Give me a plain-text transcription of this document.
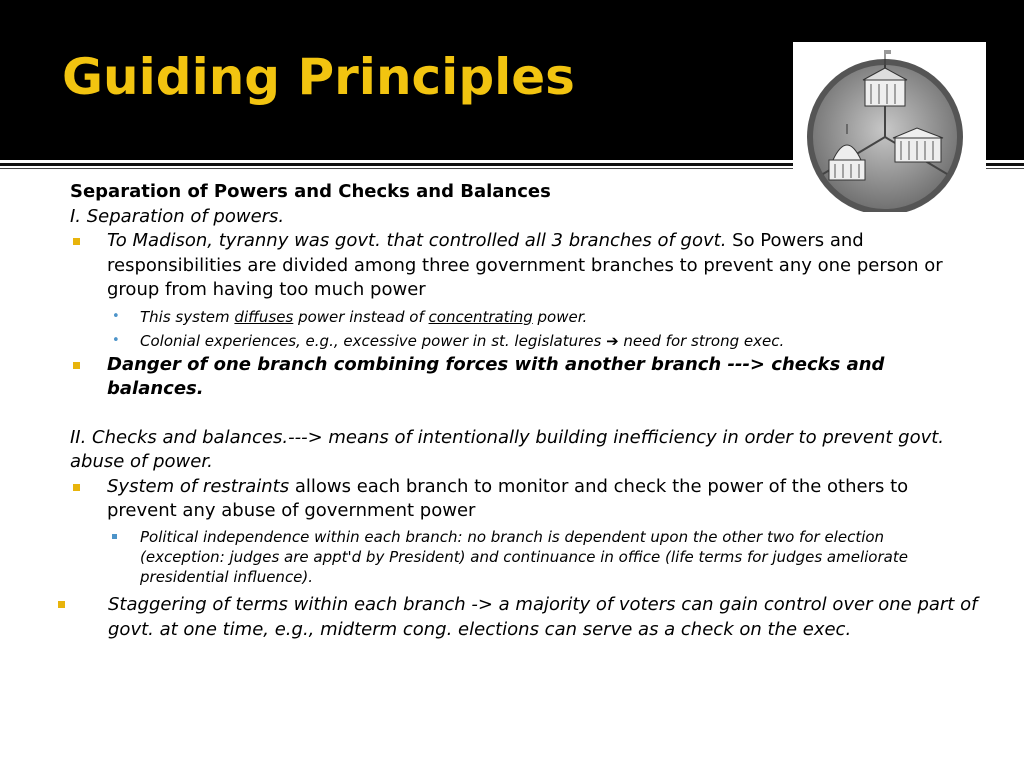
Guiding Principles

Separation of Powers and Checks and Balances

I. Separation of powers.

To Madison, tyranny was govt. that controlled all 3 branches of govt. So Powers and responsibilities are divided among three government branches to prevent any one person or group from having too much power

• This system diffuses power instead of concentrating power.

• Colonial experiences, e.g., excessive power in st. legislatures ➔ need for strong exec.

Danger of one branch combining forces with another branch ---> checks and balances.

II. Checks and balances.---> means of intentionally building inefficiency in order to prevent govt. abuse of power.

System of restraints allows each branch to monitor and check the power of the others to prevent any abuse of government power

Political independence within each branch: no branch is dependent upon the other two for election (exception: judges are appt'd by President) and continuance in office (life terms for judges ameliorate presidential influence).

Staggering of terms within each branch -> a majority of voters can gain control over one part of govt. at one time, e.g., midterm cong. elections can serve as a check on the exec.
